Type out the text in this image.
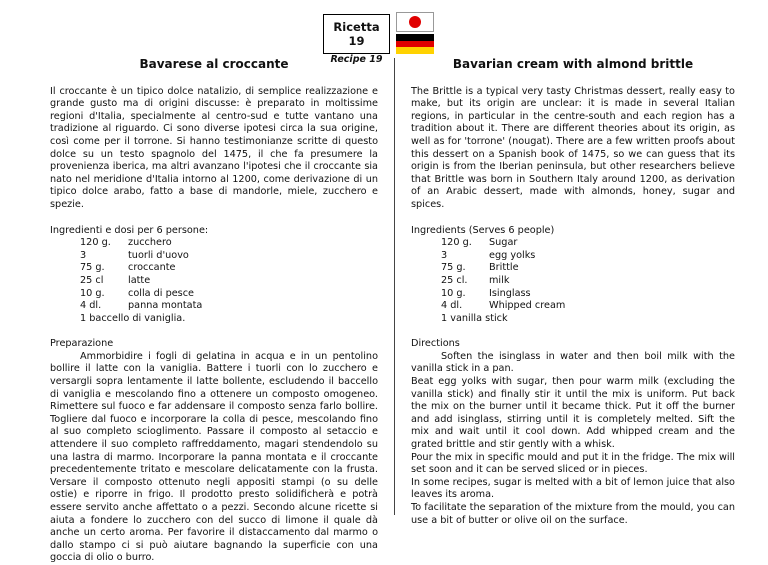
Ricetta 19
Recipe 19

Bavarese al croccante

Il croccante è un tipico dolce natalizio, di semplice realizzazione e grande gusto ma di origini discusse: è preparato in moltissime regioni d'Italia, specialmente al centro-sud e tutte vantano una tradizione al riguardo. Ci sono diverse ipotesi circa la sua origine, così come per il torrone. Si hanno testimonianze scritte di questo dolce su un testo spagnolo del 1475, il che fa presumere la provenienza iberica, ma altri avanzano l'ipotesi che il croccante sia nato nel meridione d'Italia intorno al 1200, come derivazione di un tipico dolce arabo, fatto a base di mandorle, miele, zucchero e spezie.

Ingredienti e dosi per 6 persone:
120 g. zucchero
3	tuorli d'uovo
75 g. croccante
25 cl	latte
10 g. colla di pesce
4 dl.	panna montata
1 baccello di vaniglia.
Preparazione

Ammorbidire i fogli di gelatina in acqua e in un pentolino bollire il latte con la vaniglia. Battere i tuorli con lo zucchero e versargli sopra lentamente il latte bollente, escludendo il baccello di vaniglia e mescolando fino a ottenere un composto omogeneo. Rimettere sul fuoco e far addensare il composto senza farlo bollire. Togliere dal fuoco e incorporare la colla di pesce, mescolando fino al suo completo scioglimento. Passare il composto al setaccio e attendere il suo completo raffreddamento, magari stendendolo su una lastra di marmo. Incorporare la panna montata e il croccante precedentemente tritato e mescolare delicatamente con la frusta. Versare il composto ottenuto negli appositi stampi (o su delle ostie) e riporre in frigo. Il prodotto presto solidificherà e potrà essere servito anche affettato o a pezzi. Secondo alcune ricette si aiuta a fondere lo zucchero con del succo di limone il quale dà anche un certo aroma. Per favorire il distaccamento dal marmo o dallo stampo ci si può aiutare bagnando la superficie con una goccia di olio o burro.

Bavarian cream with almond brittle

The Brittle is a typical very tasty Christmas dessert, really easy to make, but its origin are unclear: it is made in several Italian regions, in particular in the centre-south and each region has a tradition about it. There are different theories about its origin, as well as for 'torrone' (nougat). There are a few written proofs about this dessert on a Spanish book of 1475, so we can guess that its origin is from the Iberian peninsula, but other researchers believe that Brittle was born in Southern Italy around 1200, as derivation of an Arabic dessert, made with almonds, honey, sugar and spices.

Ingredients (Serves 6 people)
120 g. Sugar
3	egg yolks
75 g. Brittle
25 cl. milk
10 g. Isinglass
4 dl.	Whipped cream
1 vanilla stick
Directions

Soften the isinglass in water and then boil milk with the vanilla stick in a pan.

Beat egg yolks with sugar, then pour warm milk (excluding the vanilla stick) and finally stir it until the mix is uniform. Put back the mix on the burner until it became thick. Put it off the burner and add isinglass, stirring until it is completely melted. Sift the mix and wait until it cool down. Add whipped cream and the grated brittle and stir gently with a whisk.

Pour the mix in specific mould and put it in the fridge. The mix will set soon and it can be served sliced or in pieces.

In some recipes, sugar is melted with a bit of lemon juice that also leaves its aroma.

To facilitate the separation of the mixture from the mould, you can use a bit of butter or olive oil on the surface.
